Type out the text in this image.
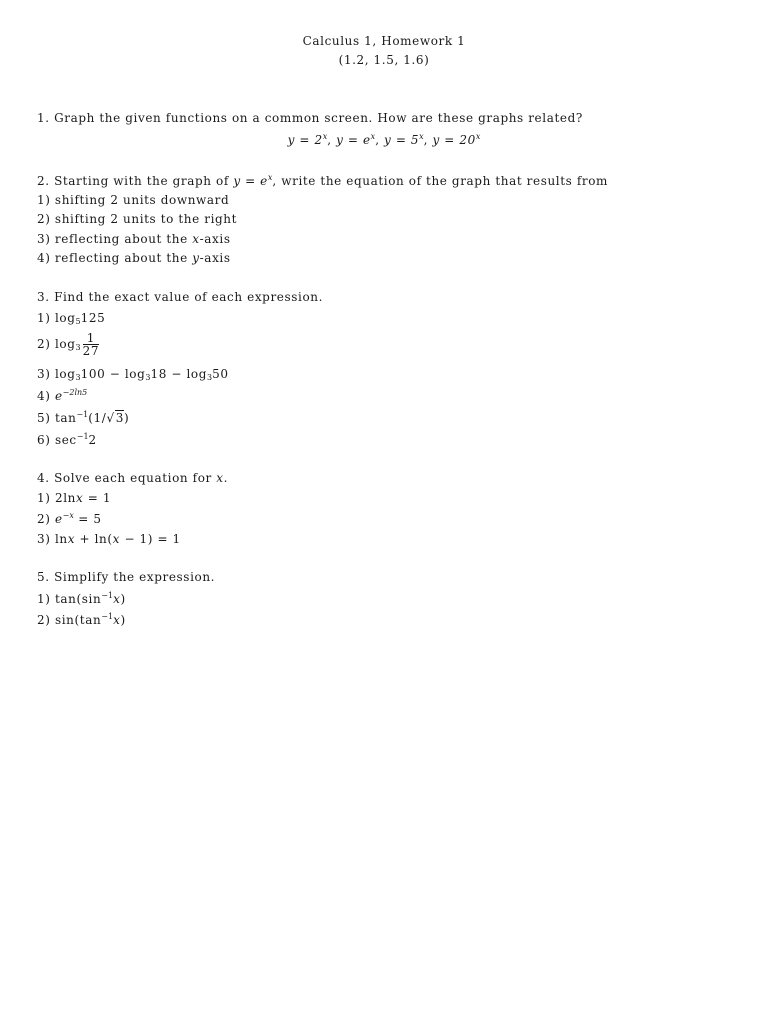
Calculus 1, Homework 1
(1.2, 1.5, 1.6)
1. Graph the given functions on a common screen. How are these graphs related?
$y = 2^x$, $y = e^x$, $y = 5^x$, $y = 20^x$
2. Starting with the graph of $y = e^x$, write the equation of the graph that results from
1) shifting 2 units downward
2) shifting 2 units to the right
3) reflecting about the x-axis
4) reflecting about the y-axis
3. Find the exact value of each expression.
1) $\log_5125$
2) $\log_3 \frac{1}{27}$
3) $\log_3100 - \log_318 - \log_350$
4) $e^{-2ln5}$
5) $\tan^{-1}(1/√3)$
6) $\sec^{-1}2$
4. Solve each equation for x.
1) 2lnx = 1
2) $e^{-x} = 5$
3) lnx + ln(x − 1) = 1
5. Simplify the expression.
1) $\tan(\sin^{-1}x)$
2) $\sin(\tan^{-1}x)$
